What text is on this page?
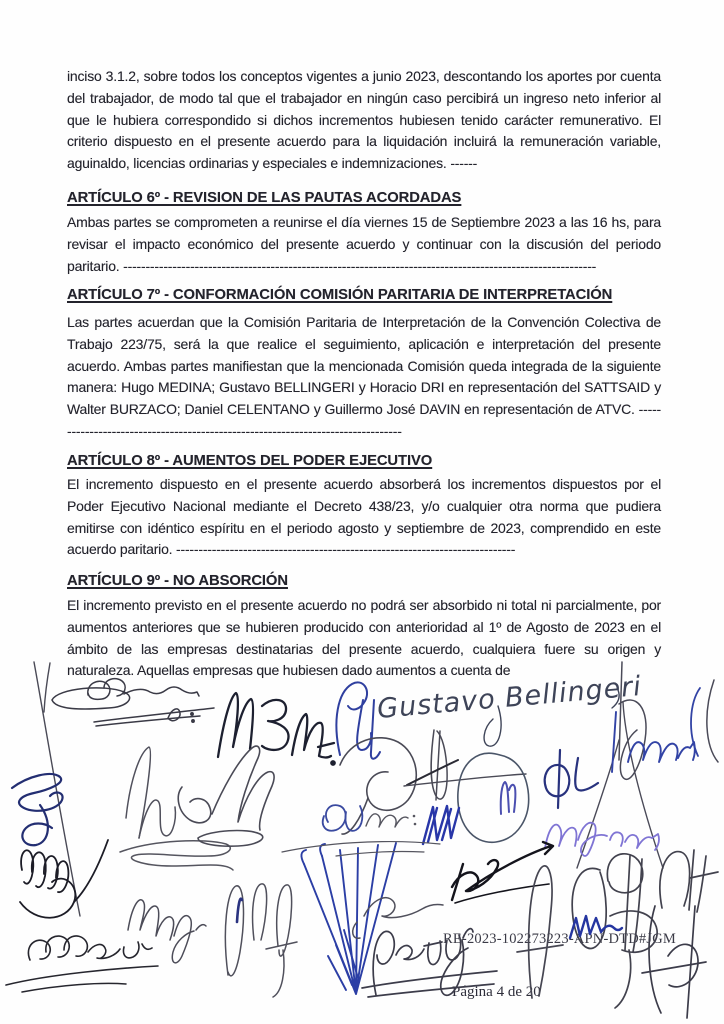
inciso 3.1.2, sobre todos los conceptos vigentes a junio 2023, descontando los aportes por cuenta del trabajador, de modo tal que el trabajador en ningún caso percibirá un ingreso neto inferior al que le hubiera correspondido si dichos incrementos hubiesen tenido carácter remunerativo. El criterio dispuesto en el presente acuerdo para la liquidación incluirá la remuneración variable, aguinaldo, licencias ordinarias y especiales e indemnizaciones. ------

ARTÍCULO 6º - REVISION DE LAS PAUTAS ACORDADAS

Ambas partes se comprometen a reunirse el día viernes 15 de Septiembre 2023 a las 16 hs, para revisar el impacto económico del presente acuerdo y continuar con la discusión del periodo paritario. ----------------------------------------------------------------------------------------------------------

ARTÍCULO 7º - CONFORMACIÓN COMISIÓN PARITARIA DE INTERPRETACIÓN

Las partes acuerdan que la Comisión Paritaria de Interpretación de la Convención Colectiva de Trabajo 223/75, será la que realice el seguimiento, aplicación e interpretación del presente acuerdo. Ambas partes manifiestan que la mencionada Comisión queda integrada de la siguiente manera: Hugo MEDINA; Gustavo BELLINGERI y Horacio DRI en representación del SATTSAID y Walter BURZACO; Daniel CELENTANO y Guillermo José DAVIN en representación de ATVC. --------------------------------------------------------------------------------

ARTÍCULO 8º - AUMENTOS DEL PODER EJECUTIVO

El incremento dispuesto en el presente acuerdo absorberá los incrementos dispuestos por el Poder Ejecutivo Nacional mediante el Decreto 438/23, y/o cualquier otra norma que pudiera emitirse con idéntico espíritu en el periodo agosto y septiembre de 2023, comprendido en este acuerdo paritario. ----------------------------------------------------------------------------

ARTÍCULO 9º - NO ABSORCIÓN

El incremento previsto en el presente acuerdo no podrá ser absorbido ni total ni parcialmente, por aumentos anteriores que se hubieren producido con anterioridad al 1º de Agosto de 2023 en el ámbito de las empresas destinatarias del presente acuerdo, cualquiera fuere su origen y naturaleza. Aquellas empresas que hubiesen dado aumentos a cuenta de

RE-2023-102273223-APN-DTD#JGM
Página 4 de 20
Gustavo Bellingeri
